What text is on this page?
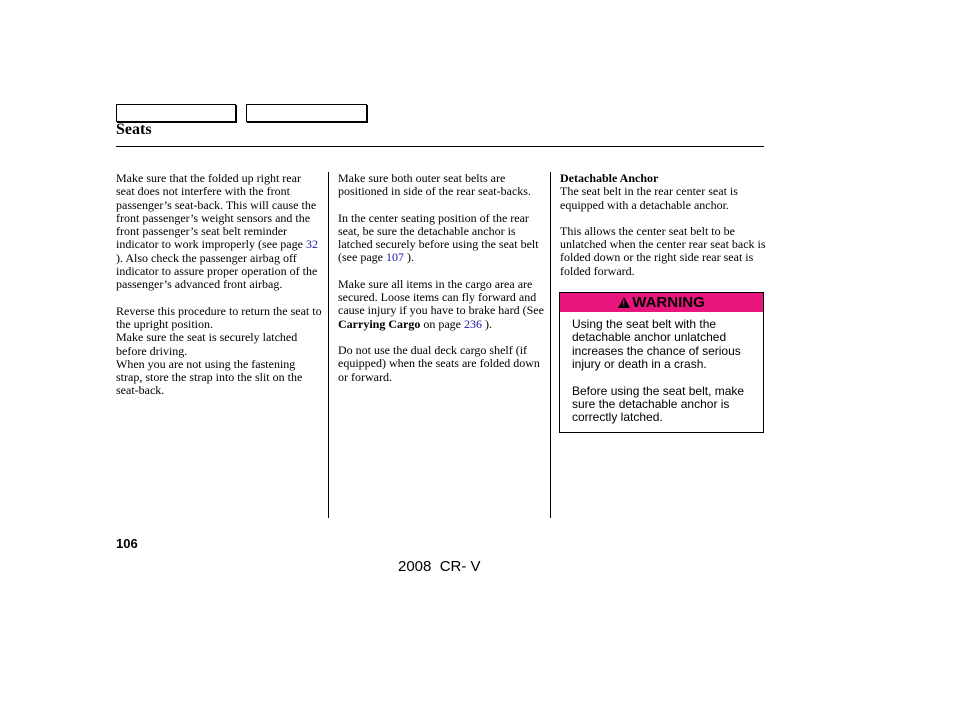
Seats

Make sure that the folded up right rear seat does not interfere with the front passenger’s seat-back. This will cause the front passenger’s weight sensors and the front passenger’s seat belt reminder indicator to work improperly (see page 32 ). Also check the passenger airbag off indicator to assure proper operation of the passenger’s advanced front airbag.

Reverse this procedure to return the seat to the upright position.
Make sure the seat is securely latched before driving.
When you are not using the fastening strap, store the strap into the slit on the seat-back.

Make sure both outer seat belts are positioned in side of the rear seat-backs.

In the center seating position of the rear seat, be sure the detachable anchor is latched securely before using the seat belt (see page 107 ).

Make sure all items in the cargo area are secured. Loose items can fly forward and cause injury if you have to brake hard (See Carrying Cargo on page 236 ).

Do not use the dual deck cargo shelf (if equipped) when the seats are folded down or forward.

Detachable Anchor

The seat belt in the rear center seat is equipped with a detachable anchor.

This allows the center seat belt to be unlatched when the center rear seat back is folded down or the right side rear seat is folded forward.

!WARNING

Using the seat belt with the detachable anchor unlatched increases the chance of serious injury or death in a crash.

Before using the seat belt, make sure the detachable anchor is correctly latched.

106
2008  CR- V
